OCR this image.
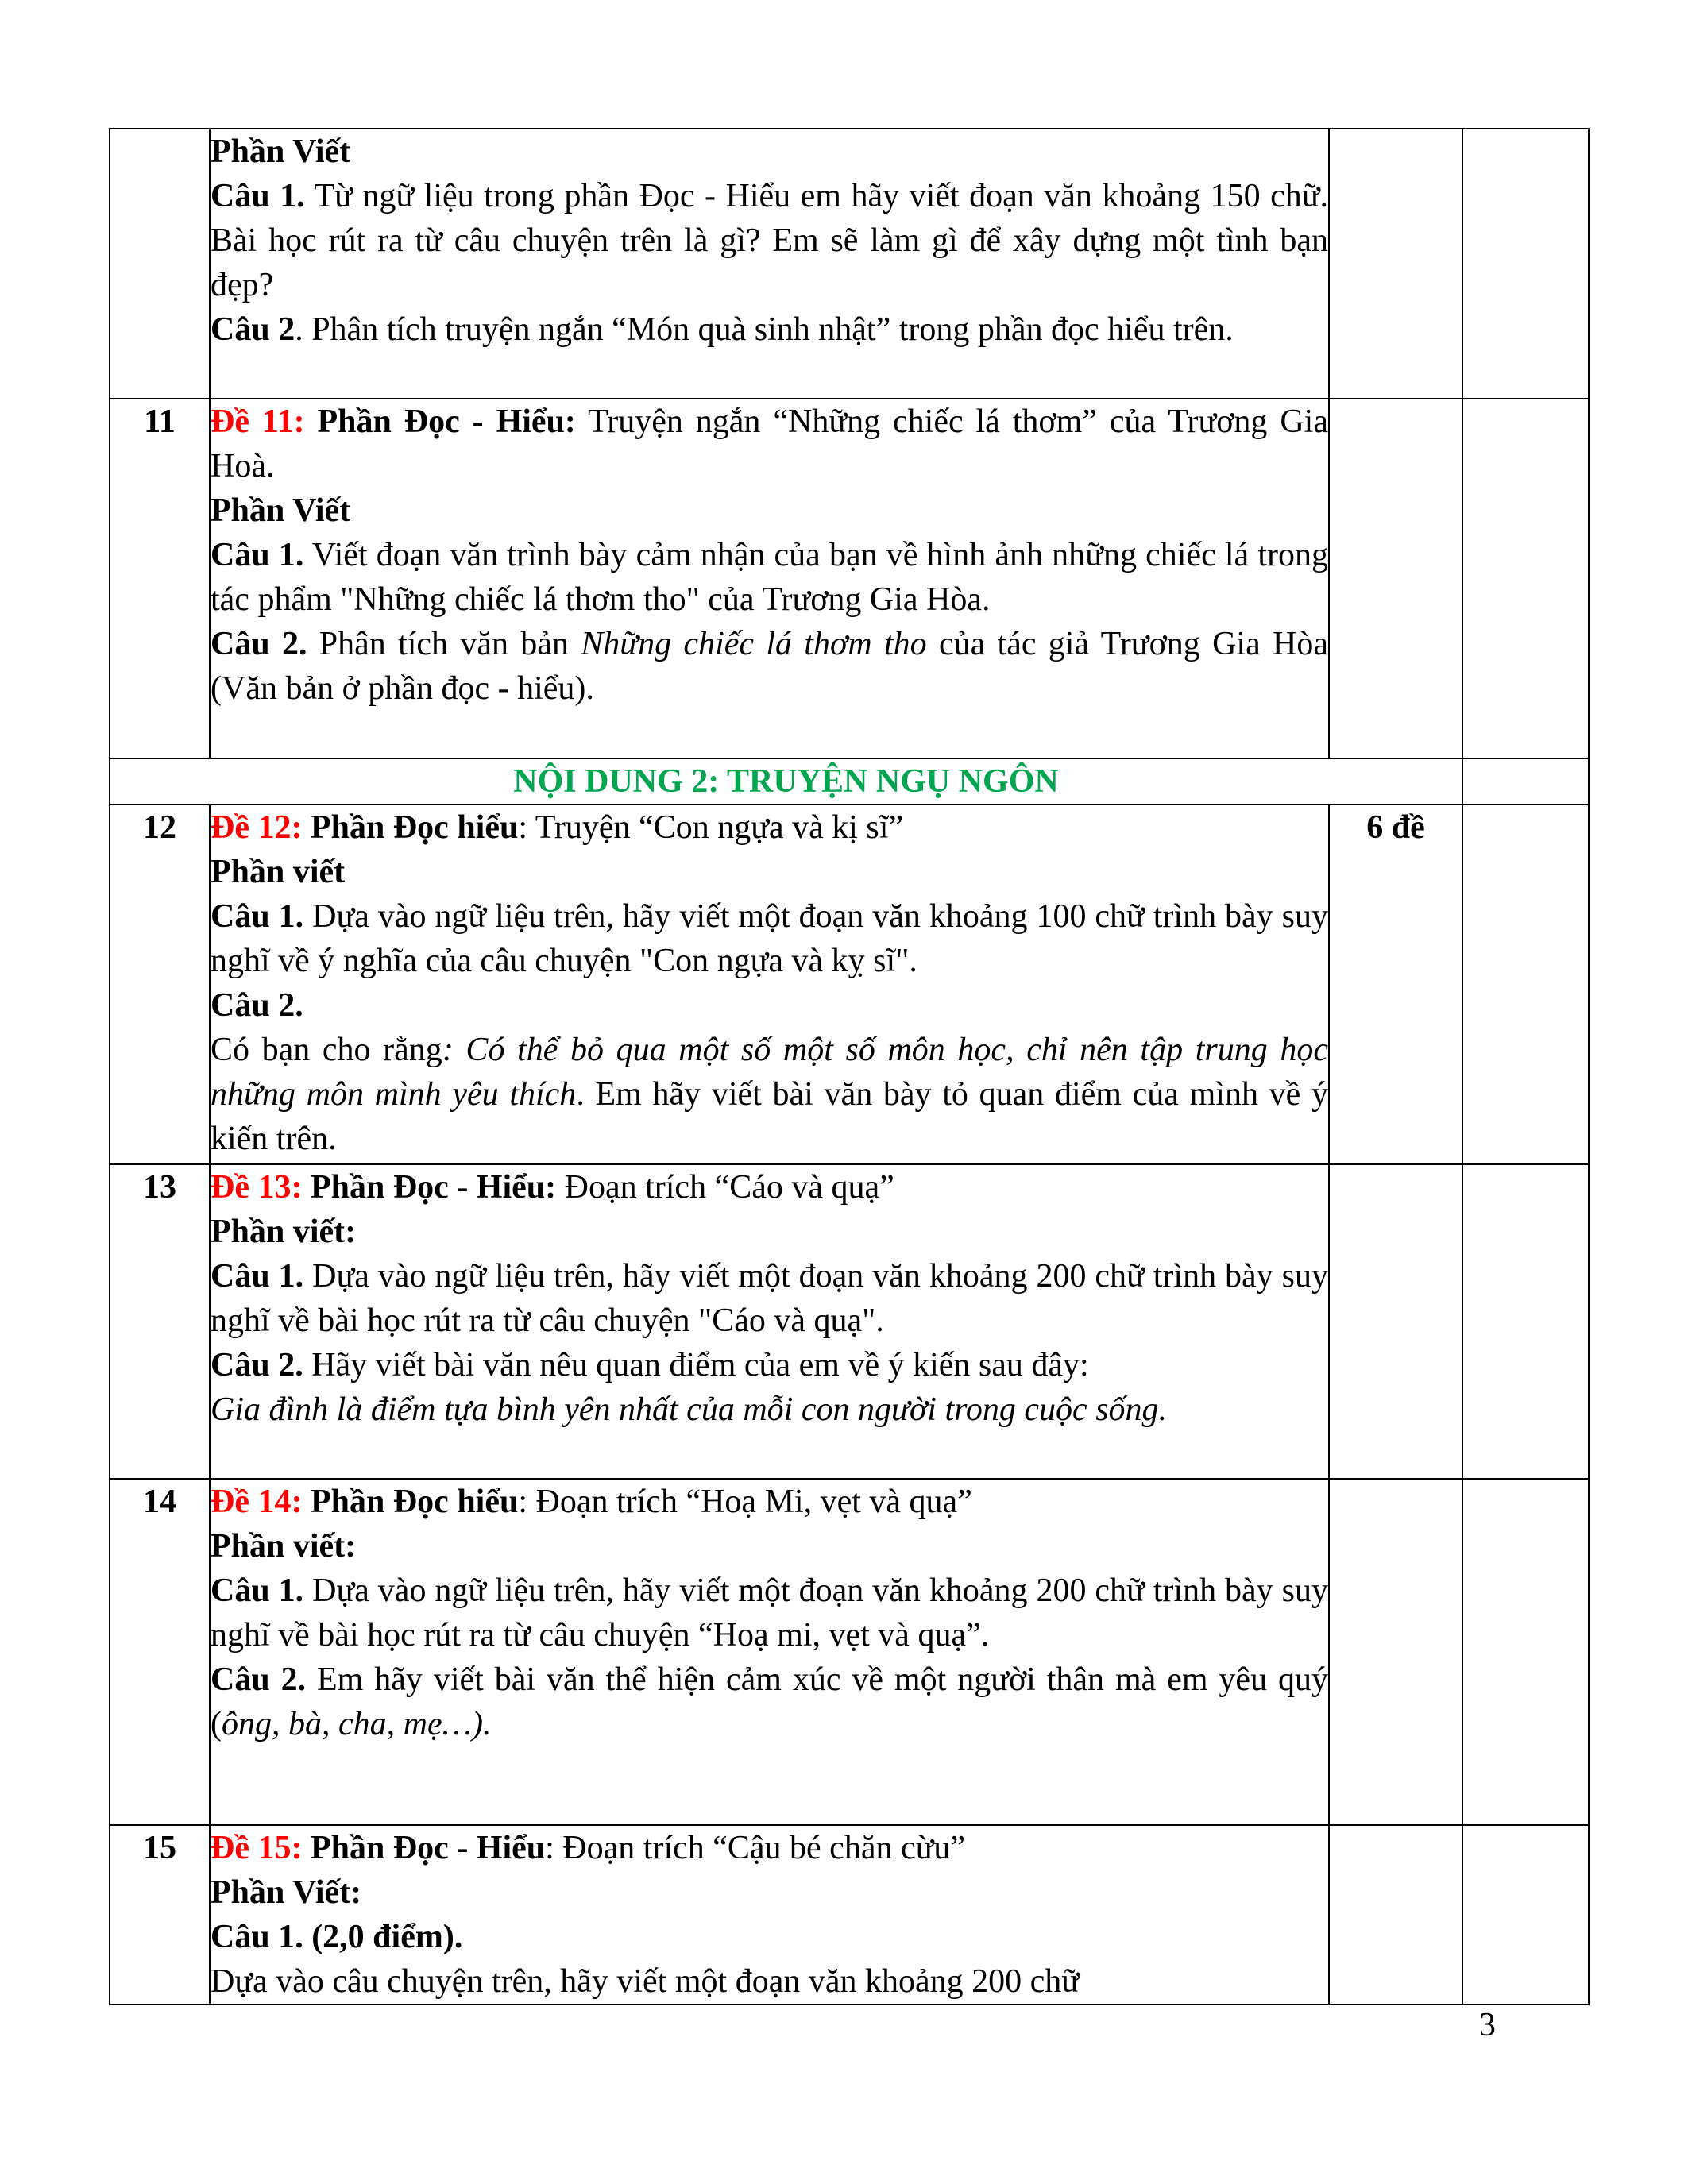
	Phần Viết

Câu 1. Từ ngữ liệu trong phần Đọc - Hiểu em hãy viết đoạn văn khoảng 150 chữ. Bài học rút ra từ câu chuyện trên là gì? Em sẽ làm gì để xây dựng một tình bạn đẹp?

Câu 2. Phân tích truyện ngắn “Món quà sinh nhật” trong phần đọc hiểu trên.		

11	Đề 11: Phần Đọc - Hiểu: Truyện ngắn “Những chiếc lá thơm” của Trương Gia Hoà.

Phần Viết

Câu 1. Viết đoạn văn trình bày cảm nhận của bạn về hình ảnh những chiếc lá trong tác phẩm "Những chiếc lá thơm tho" của Trương Gia Hòa.

Câu 2. Phân tích văn bản Những chiếc lá thơm tho của tác giả Trương Gia Hòa (Văn bản ở phần đọc - hiểu).		

NỘI DUNG 2: TRUYỆN NGỤ NGÔN			
12	Đề 12: Phần Đọc hiểu: Truyện “Con ngựa và kị sĩ”

Phần viết

Câu 1. Dựa vào ngữ liệu trên, hãy viết một đoạn văn khoảng 100 chữ trình bày suy nghĩ về ý nghĩa của câu chuyện "Con ngựa và kỵ sĩ".

Câu 2.

Có bạn cho rằng: Có thể bỏ qua một số một số môn học, chỉ nên tập trung học những môn mình yêu thích. Em hãy viết bài văn bày tỏ quan điểm của mình về ý kiến trên.	6 đề	
13	Đề 13: Phần Đọc - Hiểu: Đoạn trích “Cáo và quạ”

Phần viết:

Câu 1. Dựa vào ngữ liệu trên, hãy viết một đoạn văn khoảng 200 chữ trình bày suy nghĩ về bài học rút ra từ câu chuyện "Cáo và quạ".

Câu 2. Hãy viết bài văn nêu quan điểm của em về ý kiến sau đây:

Gia đình là điểm tựa bình yên nhất của mỗi con người trong cuộc sống.		

14	Đề 14: Phần Đọc hiểu: Đoạn trích “Hoạ Mi, vẹt và quạ”

Phần viết:

Câu 1. Dựa vào ngữ liệu trên, hãy viết một đoạn văn khoảng 200 chữ trình bày suy nghĩ về bài học rút ra từ câu chuyện “Hoạ mi, vẹt và quạ”.

Câu 2. Em hãy viết bài văn thể hiện cảm xúc về một người thân mà em yêu quý (ông, bà, cha, mẹ…).		

15	Đề 15: Phần Đọc - Hiểu: Đoạn trích “Cậu bé chăn cừu”

Phần Viết:

Câu 1. (2,0 điểm).

Dựa vào câu chuyện trên, hãy viết một đoạn văn khoảng 200 chữ		

3
